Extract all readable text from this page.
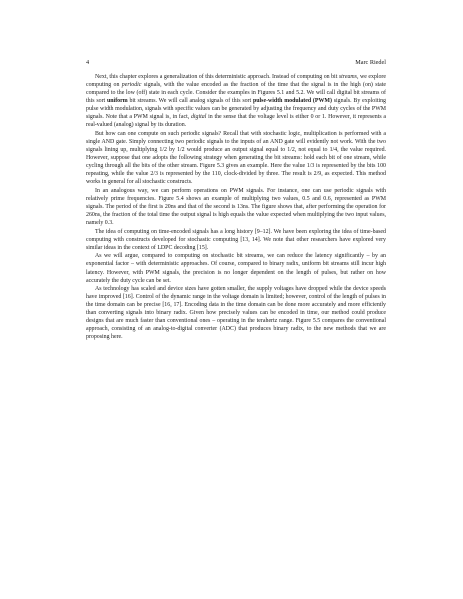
4	Marc Riedel

Next, this chapter explores a generalization of this deterministic approach. Instead of computing on bit streams, we explore computing on periodic signals, with the value encoded as the fraction of the time that the signal is in the high (on) state compared to the low (off) state in each cycle. Consider the examples in Figures 5.1 and 5.2. We will call digital bit streams of this sort uniform bit streams. We will call analog signals of this sort pulse-width modulated (PWM) signals. By exploiting pulse width modulation, signals with specific values can be generated by adjusting the frequency and duty cycles of the PWM signals. Note that a PWM signal is, in fact, digital in the sense that the voltage level is either 0 or 1. However, it represents a real-valued (analog) signal by its duration.

But how can one compute on such periodic signals? Recall that with stochastic logic, multiplication is performed with a single AND gate. Simply connecting two periodic signals to the inputs of an AND gate will evidently not work. With the two signals lining up, multiplying 1/2 by 1/2 would produce an output signal equal to 1/2, not equal to 1/4, the value required. However, suppose that one adopts the following strategy when generating the bit streams: hold each bit of one stream, while cycling through all the bits of the other stream. Figure 5.3 gives an example. Here the value 1/3 is represented by the bits 100 repeating, while the value 2/3 is represented by the 110, clock-divided by three. The result is 2/9, as expected. This method works in general for all stochastic constructs.

In an analogous way, we can perform operations on PWM signals. For instance, one can use periodic signals with relatively prime frequencies. Figure 5.4 shows an example of multiplying two values, 0.5 and 0.6, represented as PWM signals. The period of the first is 20ns and that of the second is 13ns. The figure shows that, after performing the operation for 260ns, the fraction of the total time the output signal is high equals the value expected when multiplying the two input values, namely 0.3.

The idea of computing on time-encoded signals has a long history [9–12]. We have been exploring the idea of time-based computing with constructs developed for stochastic computing [13, 14]. We note that other researchers have explored very similar ideas in the context of LDPC decoding [15].

As we will argue, compared to computing on stochastic bit streams, we can reduce the latency significantly – by an exponential factor – with deterministic approaches. Of course, compared to binary radix, uniform bit streams still incur high latency. However, with PWM signals, the precision is no longer dependent on the length of pulses, but rather on how accurately the duty cycle can be set.

As technology has scaled and device sizes have gotten smaller, the supply voltages have dropped while the device speeds have improved [16]. Control of the dynamic range in the voltage domain is limited; however, control of the length of pulses in the time domain can be precise [16, 17]. Encoding data in the time domain can be done more accurately and more efficiently than converting signals into binary radix. Given how precisely values can be encoded in time, our method could produce designs that are much faster than conventional ones – operating in the terahertz range. Figure 5.5 compares the conventional approach, consisting of an analog-to-digital converter (ADC) that produces binary radix, to the new methods that we are proposing here.
